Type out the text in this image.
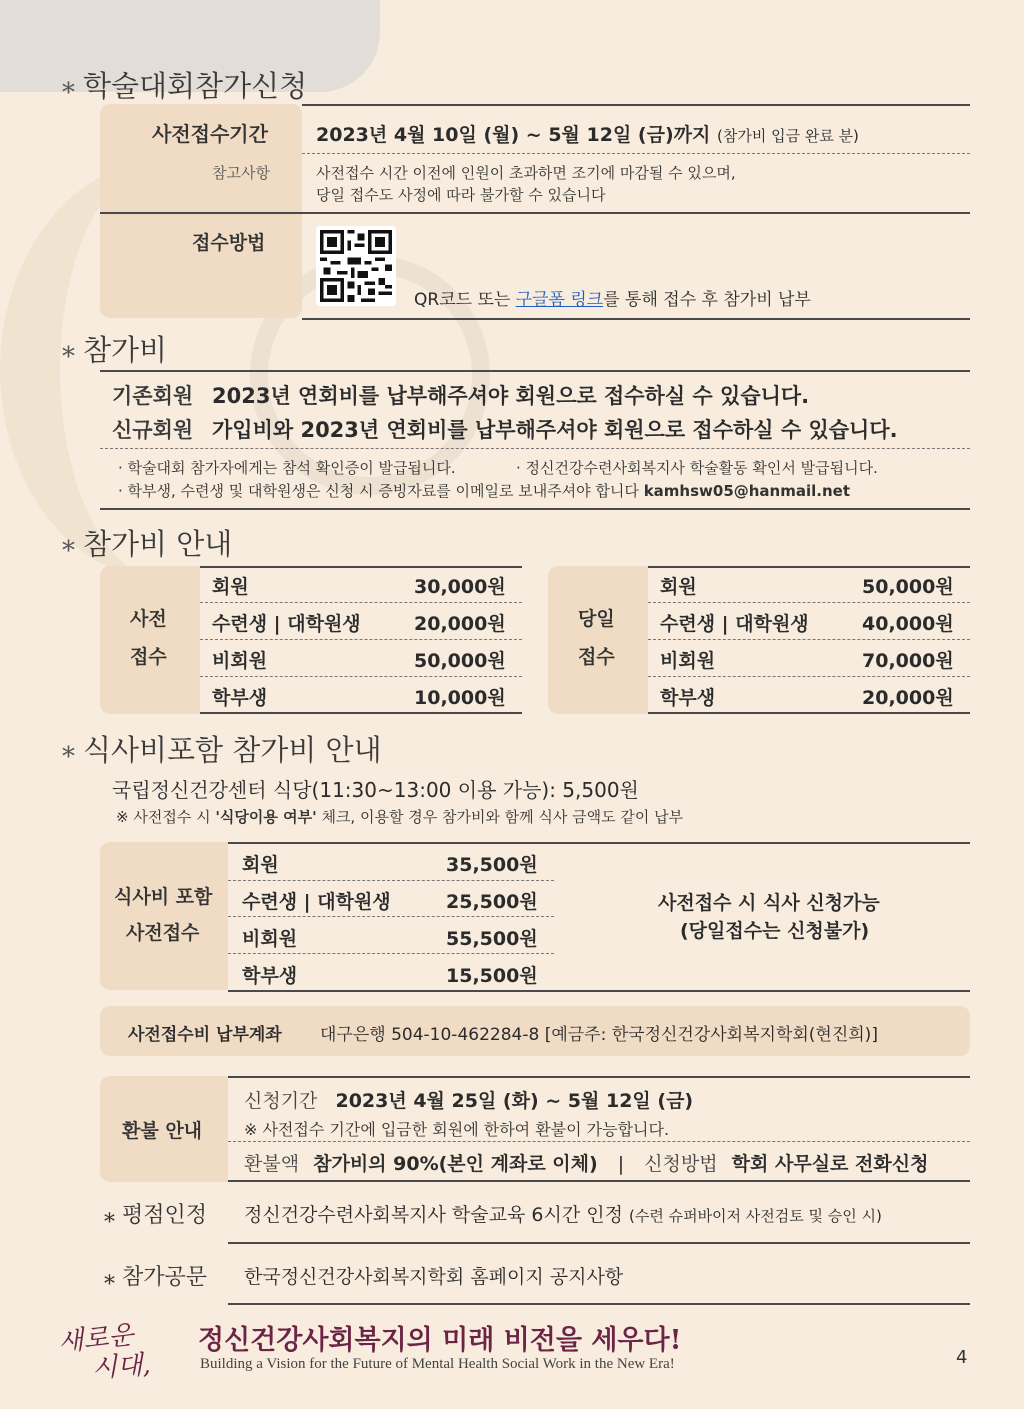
⁎ 학술대회참가신청
사전접수기간	2023년 4월 10일 (월) ~ 5월 12일 (금)까지 (참가비 입금 완료 분)
참고사항	사전접수 시간 이전에 인원이 초과하면 조기에 마감될 수 있으며,
당일 접수도 사정에 따라 불가할 수 있습니다
접수방법
QR코드 또는 구글폼 링크를 통해 접수 후 참가비 납부
⁎ 참가비
기존회원 2023년 연회비를 납부해주셔야 회원으로 접수하실 수 있습니다.
신규회원 가입비와 2023년 연회비를 납부해주셔야 회원으로 접수하실 수 있습니다.
· 학술대회 참가자에게는 참석 확인증이 발급됩니다.	· 정신건강수련사회복지사 학술활동 확인서 발급됩니다.
· 학부생, 수련생 및 대학원생은 신청 시 증빙자료를 이메일로 보내주셔야 합니다 kamhsw05@hanmail.net
⁎ 참가비 안내
사전
접수
회원	30,000원
수련생 | 대학원생	20,000원
비회원	50,000원
학부생	10,000원
당일
접수
회원	50,000원
수련생 | 대학원생	40,000원
비회원	70,000원
학부생	20,000원
⁎ 식사비포함 참가비 안내
국립정신건강센터 식당(11:30~13:00 이용 가능): 5,500원
※ 사전접수 시 '식당이용 여부' 체크, 이용할 경우 참가비와 함께 식사 금액도 같이 납부
식사비 포함
사전접수
회원	35,500원
수련생 | 대학원생	25,500원
비회원	55,500원
학부생	15,500원
사전접수 시 식사 신청가능
(당일접수는 신청불가)
사전접수비 납부계좌 대구은행 504-10-462284-8 [예금주: 한국정신건강사회복지학회(현진희)]
환불 안내
신청기간 2023년 4월 25일 (화) ~ 5월 12일 (금)
※ 사전접수 기간에 입금한 회원에 한하여 환불이 가능합니다.
환불액 참가비의 90%(본인 계좌로 이체) | 신청방법 학회 사무실로 전화신청
⁎ 평점인정 정신건강수련사회복지사 학술교육 6시간 인정 (수련 슈퍼바이저 사전검토 및 승인 시)
⁎ 참가공문 한국정신건강사회복지학회 홈페이지 공지사항
새로운
시대,
정신건강사회복지의 미래 비전을 세우다!
Building a Vision for the Future of Mental Health Social Work in the New Era!	4
